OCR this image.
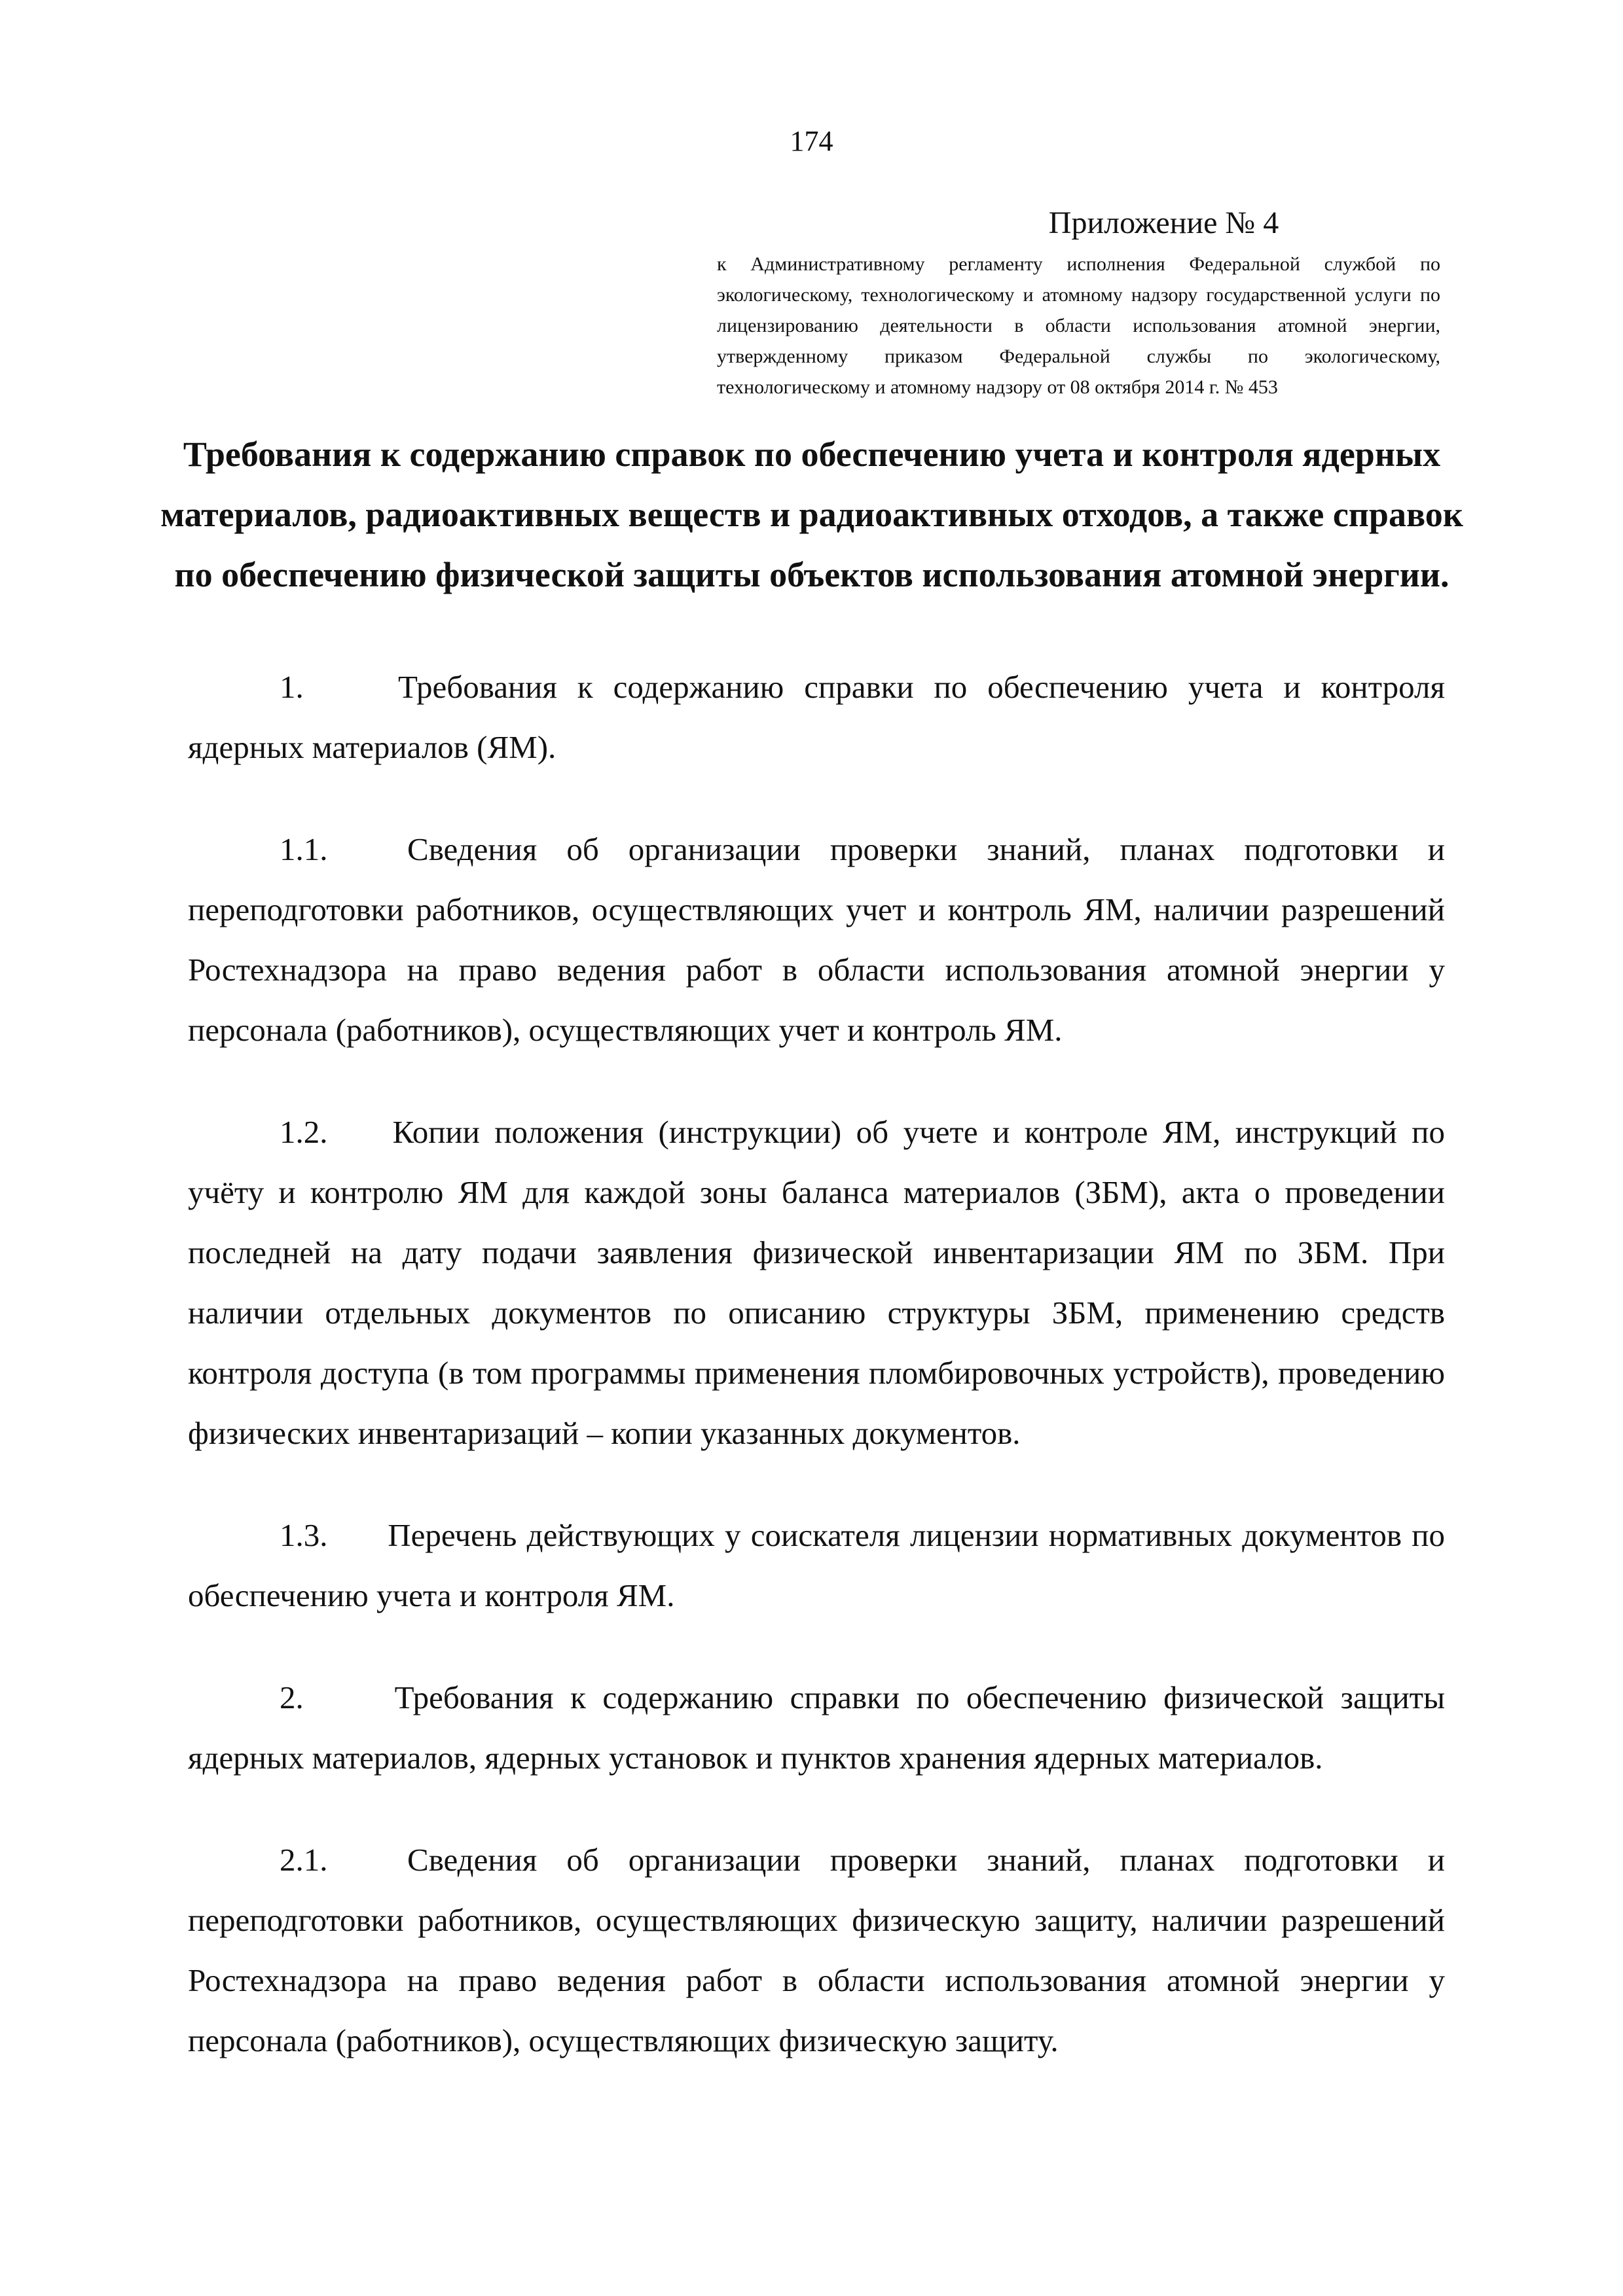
174
Приложение № 4
к Административному регламенту исполнения Федеральной службой по экологическому, технологическому и атомному надзору государственной услуги по лицензированию деятельности в области использования атомной энергии, утвержденному приказом Федеральной службы по экологическому, технологическому и атомному надзору от 08 октября 2014 г. № 453
Требования к содержанию справок по обеспечению учета и контроля ядерных материалов, радиоактивных веществ и радиоактивных отходов, а также справок по обеспечению физической защиты объектов использования атомной энергии.

1.	Требования к содержанию справки по обеспечению учета и контроля ядерных материалов (ЯМ).

1.1. Сведения об организации проверки знаний, планах подготовки и переподготовки работников, осуществляющих учет и контроль ЯМ, наличии разрешений Ростехнадзора на право ведения работ в области использования атомной энергии у персонала (работников), осуществляющих учет и контроль ЯМ.

1.2. Копии положения (инструкции) об учете и контроле ЯМ, инструкций по учёту и контролю ЯМ для каждой зоны баланса материалов (ЗБМ), акта о проведении последней на дату подачи заявления физической инвентаризации ЯМ по ЗБМ. При наличии отдельных документов по описанию структуры ЗБМ, применению средств контроля доступа (в том программы применения пломбировочных устройств), проведению физических инвентаризаций – копии указанных документов.

1.3. Перечень действующих у соискателя лицензии нормативных документов по обеспечению учета и контроля ЯМ.

2.	Требования к содержанию справки по обеспечению физической защиты ядерных материалов, ядерных установок и пунктов хранения ядерных материалов.

2.1. Сведения об организации проверки знаний, планах подготовки и переподготовки работников, осуществляющих физическую защиту, наличии разрешений Ростехнадзора на право ведения работ в области использования атомной энергии у персонала (работников), осуществляющих физическую защиту.
